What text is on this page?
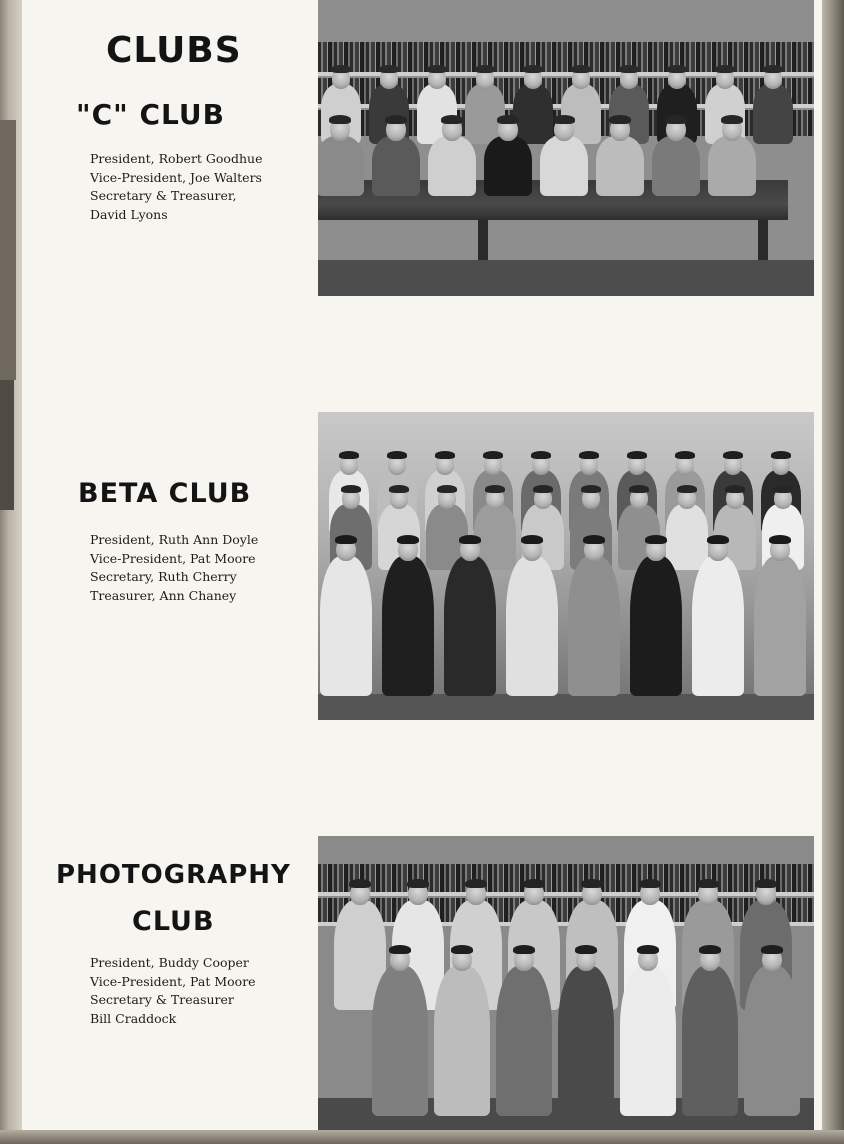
CLUBS
"C" CLUB
President, Robert Goodhue
Vice-President, Joe Walters
Secretary & Treasurer,
David Lyons
BETA CLUB
President, Ruth Ann Doyle
Vice-President, Pat Moore
Secretary, Ruth Cherry
Treasurer, Ann Chaney
PHOTOGRAPHY
CLUB
President, Buddy Cooper
Vice-President, Pat Moore
Secretary & Treasurer
Bill Craddock
